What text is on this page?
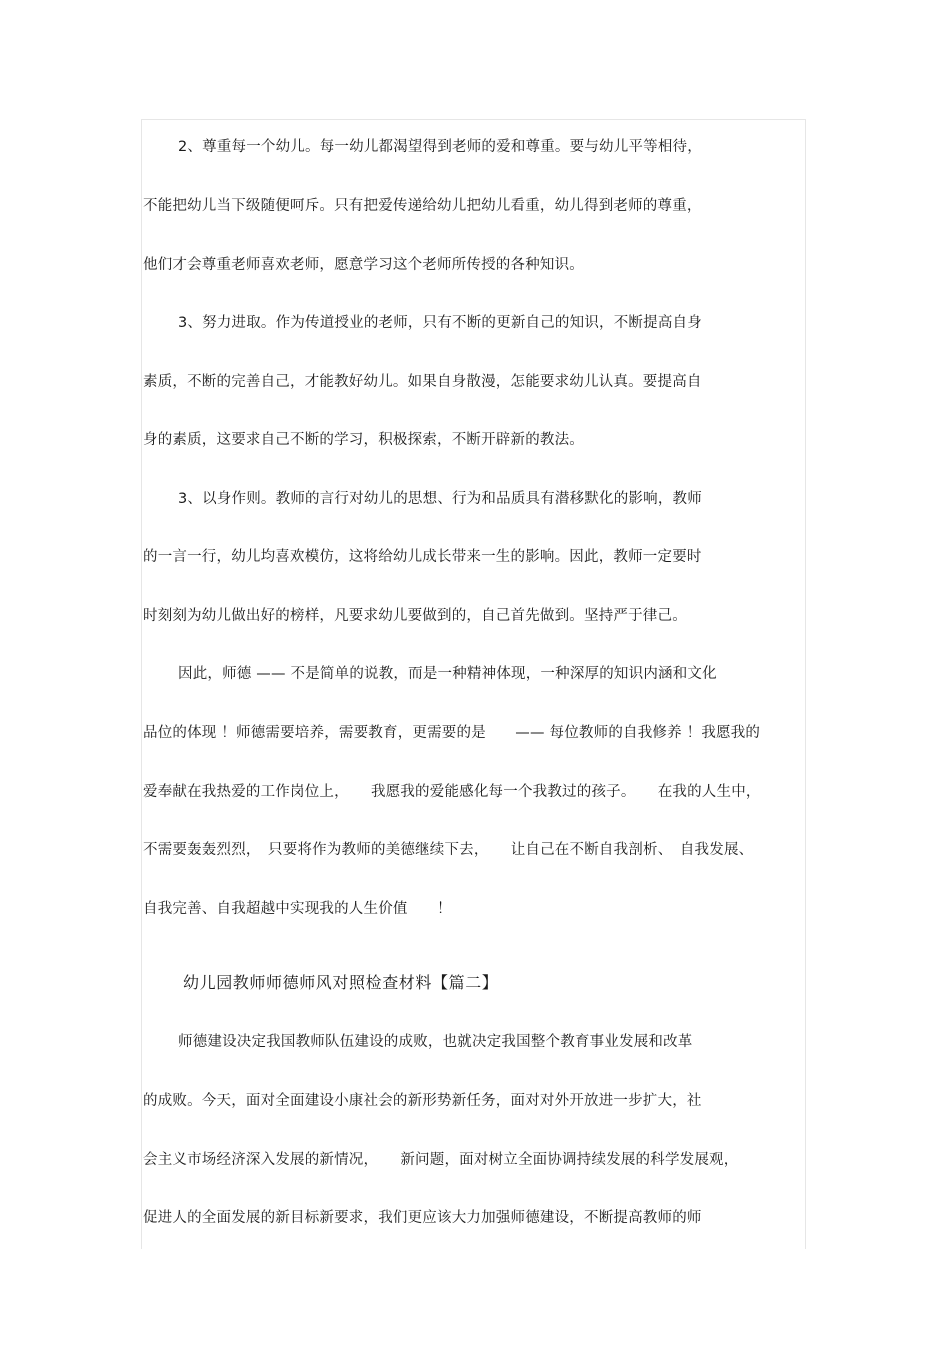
2、尊重每一个幼儿。每一幼儿都渴望得到老师的爱和尊重。要与幼儿平等相待，
不能把幼儿当下级随便呵斥。只有把爱传递给幼儿把幼儿看重，幼儿得到老师的尊重，
他们才会尊重老师喜欢老师，愿意学习这个老师所传授的各种知识。
3、努力进取。作为传道授业的老师，只有不断的更新自己的知识，不断提高自身
素质，不断的完善自己，才能教好幼儿。如果自身散漫，怎能要求幼儿认真。要提高自
身的素质，这要求自己不断的学习，积极探索，不断开辟新的教法。
3、以身作则。教师的言行对幼儿的思想、行为和品质具有潜移默化的影响，教师
的一言一行，幼儿均喜欢模仿，这将给幼儿成长带来一生的影响。因此，教师一定要时
时刻刻为幼儿做出好的榜样，凡要求幼儿要做到的，自己首先做到。坚持严于律己。
因此，师德 —— 不是简单的说教，而是一种精神体现，一种深厚的知识内涵和文化
品位的体现 ！师德需要培养，需要教育，更需要的是　　—— 每位教师的自我修养 ！我愿我的
爱奉献在我热爱的工作岗位上，　　我愿我的爱能感化每一个我教过的孩子。　　在我的人生中，
不需要轰轰烈烈，　只要将作为教师的美德继续下去，　　让自己在不断自我剖析、　自我发展、
自我完善、自我超越中实现我的人生价值　　！
幼儿园教师师德师风对照检查材料【篇二】
师德建设决定我国教师队伍建设的成败，也就决定我国整个教育事业发展和改革
的成败。今天，面对全面建设小康社会的新形势新任务，面对对外开放进一步扩大，社
会主义市场经济深入发展的新情况，　　新问题，面对树立全面协调持续发展的科学发展观，
促进人的全面发展的新目标新要求，我们更应该大力加强师德建设，不断提高教师的师
